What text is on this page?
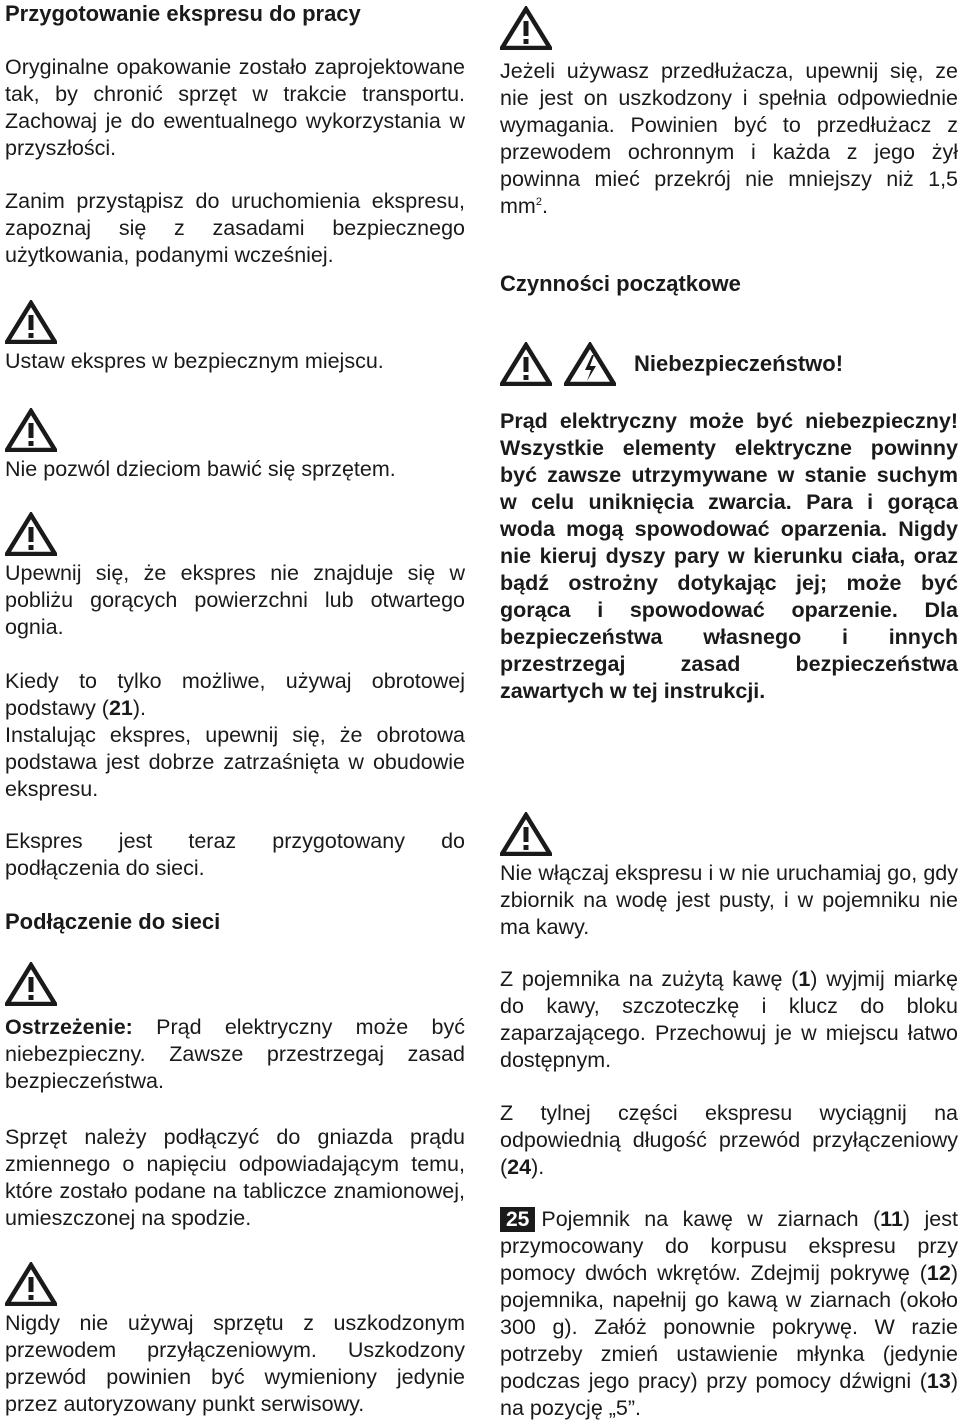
Przygotowanie ekspresu do pracy

Oryginalne opakowanie zostało zaprojektowane tak, by chronić sprzęt w trakcie transportu. Zachowaj je do ewentualnego wykorzystania w przyszłości.

Zanim przystąpisz do uruchomienia ekspresu, zapoznaj się z zasadami bezpiecznego użytkowania, podanymi wcześniej.

Ustaw ekspres w bezpiecznym miejscu.

Nie pozwól dzieciom bawić się sprzętem.

Upewnij się, że ekspres nie znajduje się w pobliżu gorących powierzchni lub otwartego ognia.

Kiedy to tylko możliwe, używaj obrotowej podstawy (21).

Instalując ekspres, upewnij się, że obrotowa podstawa jest dobrze zatrzaśnięta w obudowie ekspresu.

Ekspres jest teraz przygotowany do podłączenia do sieci.

Podłączenie do sieci

Ostrzeżenie: Prąd elektryczny może być niebezpieczny. Zawsze przestrzegaj zasad bezpieczeństwa.

Sprzęt należy podłączyć do gniazda prądu zmiennego o napięciu odpowiadającym temu, które zostało podane na tabliczce znamionowej, umieszczonej na spodzie.

Nigdy nie używaj sprzętu z uszkodzonym przewodem przyłączeniowym. Uszkodzony przewód powinien być wymieniony jedynie przez autoryzowany punkt serwisowy.

Jeżeli używasz przedłużacza, upewnij się, ze nie jest on uszkodzony i spełnia odpowiednie wymagania. Powinien być to przedłużacz z przewodem ochronnym i każda z jego żył powinna mieć przekrój nie mniejszy niż 1,5 $mm^2$.

Czynności początkowe

Niebezpieczeństwo!

Prąd elektryczny może być niebezpieczny! Wszystkie elementy elektryczne powinny być zawsze utrzymywane w stanie suchym w celu uniknięcia zwarcia. Para i gorąca woda mogą spowodować oparzenia. Nigdy nie kieruj dyszy pary w kierunku ciała, oraz bądź ostrożny dotykając jej; może być gorąca i spowodować oparzenie. Dla bezpieczeństwa własnego i innych przestrzegaj zasad bezpieczeństwa zawartych w tej instrukcji.

Nie włączaj ekspresu i w nie uruchamiaj go, gdy zbiornik na wodę jest pusty, i w pojemniku nie ma kawy.

Z pojemnika na zużytą kawę (1) wyjmij miarkę do kawy, szczoteczkę i klucz do bloku zaparzającego. Przechowuj je w miejscu łatwo dostępnym.

Z tylnej części ekspresu wyciągnij na odpowiednią długość przewód przyłączeniowy (24).

25 Pojemnik na kawę w ziarnach (11) jest przymocowany do korpusu ekspresu przy pomocy dwóch wkrętów. Zdejmij pokrywę (12) pojemnika, napełnij go kawą w ziarnach (około 300 g). Załóż ponownie pokrywę. W razie potrzeby zmień ustawienie młynka (jedynie podczas jego pracy) przy pomocy dźwigni (13) na pozycję „5”.
